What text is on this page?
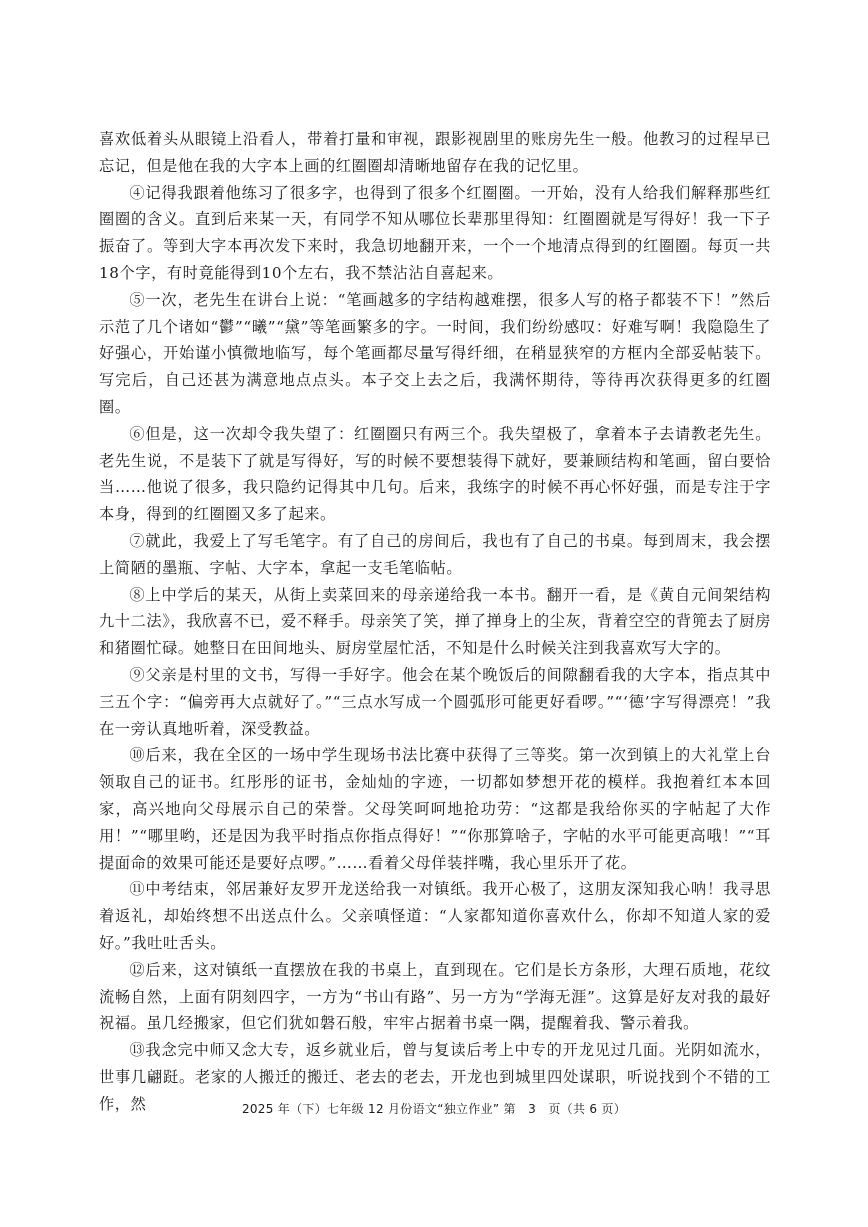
喜欢低着头从眼镜上沿看人，带着打量和审视，跟影视剧里的账房先生一般。他教习的过程早已忘记，但是他在我的大字本上画的红圈圈却清晰地留存在我的记忆里。

④记得我跟着他练习了很多字，也得到了很多个红圈圈。一开始，没有人给我们解释那些红圈圈的含义。直到后来某一天，有同学不知从哪位长辈那里得知：红圈圈就是写得好！我一下子振奋了。等到大字本再次发下来时，我急切地翻开来，一个一个地清点得到的红圈圈。每页一共18个字，有时竟能得到10个左右，我不禁沾沾自喜起来。

⑤一次，老先生在讲台上说：“笔画越多的字结构越难摆，很多人写的格子都装不下！”然后示范了几个诸如“鬱”“曦”“黛”等笔画繁多的字。一时间，我们纷纷感叹：好难写啊！我隐隐生了好强心，开始谨小慎微地临写，每个笔画都尽量写得纤细，在稍显狭窄的方框内全部妥帖装下。写完后，自己还甚为满意地点点头。本子交上去之后，我满怀期待，等待再次获得更多的红圈圈。

⑥但是，这一次却令我失望了：红圈圈只有两三个。我失望极了，拿着本子去请教老先生。老先生说，不是装下了就是写得好，写的时候不要想装得下就好，要兼顾结构和笔画，留白要恰当……他说了很多，我只隐约记得其中几句。后来，我练字的时候不再心怀好强，而是专注于字本身，得到的红圈圈又多了起来。

⑦就此，我爱上了写毛笔字。有了自己的房间后，我也有了自己的书桌。每到周末，我会摆上简陋的墨瓶、字帖、大字本，拿起一支毛笔临帖。

⑧上中学后的某天，从街上卖菜回来的母亲递给我一本书。翻开一看，是《黄自元间架结构九十二法》，我欣喜不已，爱不释手。母亲笑了笑，掸了掸身上的尘灰，背着空空的背篼去了厨房和猪圈忙碌。她整日在田间地头、厨房堂屋忙活，不知是什么时候关注到我喜欢写大字的。

⑨父亲是村里的文书，写得一手好字。他会在某个晚饭后的间隙翻看我的大字本，指点其中三五个字：“偏旁再大点就好了。”“三点水写成一个圆弧形可能更好看啰。”“‘德’字写得漂亮！”我在一旁认真地听着，深受教益。

⑩后来，我在全区的一场中学生现场书法比赛中获得了三等奖。第一次到镇上的大礼堂上台领取自己的证书。红彤彤的证书，金灿灿的字迹，一切都如梦想开花的模样。我抱着红本本回家，高兴地向父母展示自己的荣誉。父母笑呵呵地抢功劳：“这都是我给你买的字帖起了大作用！”“哪里哟，还是因为我平时指点你指点得好！”“你那算啥子，字帖的水平可能更高哦！”“耳提面命的效果可能还是要好点啰。”……看着父母佯装拌嘴，我心里乐开了花。

⑪中考结束，邻居兼好友罗开龙送给我一对镇纸。我开心极了，这朋友深知我心呐！我寻思着返礼，却始终想不出送点什么。父亲嗔怪道：“人家都知道你喜欢什么，你却不知道人家的爱好。”我吐吐舌头。

⑫后来，这对镇纸一直摆放在我的书桌上，直到现在。它们是长方条形，大理石质地，花纹流畅自然，上面有阴刻四字，一方为“书山有路”、另一方为“学海无涯”。这算是好友对我的最好祝福。虽几经搬家，但它们犹如磐石般，牢牢占据着书桌一隅，提醒着我、警示着我。

⑬我念完中师又念大专，返乡就业后，曾与复读后考上中专的开龙见过几面。光阴如流水，世事几翩跹。老家的人搬迁的搬迁、老去的老去，开龙也到城里四处谋职，听说找到个不错的工作，然	2025 年（下）七年级 12 月份语文“独立作业” 第　3　页（共 6 页）
